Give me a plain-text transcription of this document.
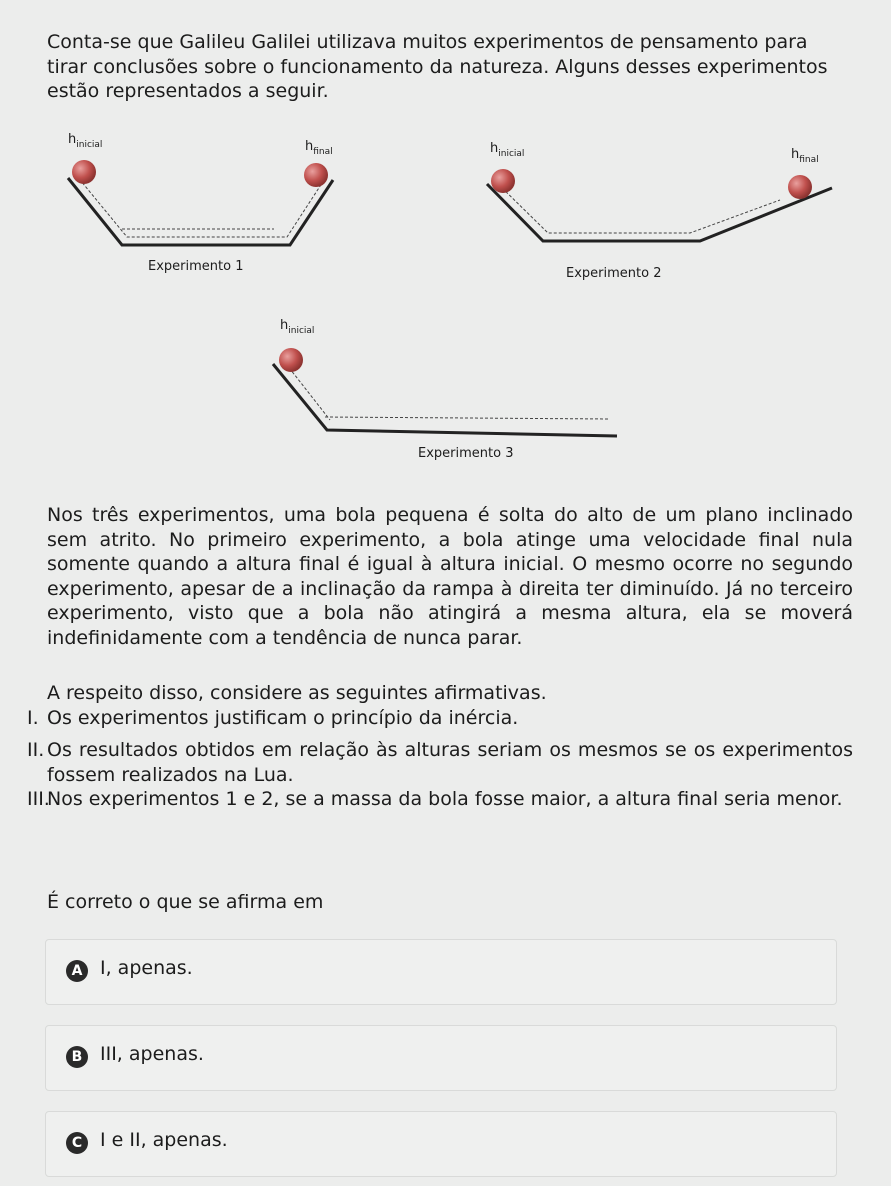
Conta-se que Galileu Galilei utilizava muitos experimentos de pensamento para tirar conclusões sobre o funcionamento da natureza. Alguns desses experimentos estão representados a seguir.
$h_{inicial}$	$h_{final}$
Experimento 1
$h_{inicial}$	$h_{final}$
Experimento 2
$h_{inicial}$
Experimento 3
Nos três experimentos, uma bola pequena é solta do alto de um plano inclinado sem atrito. No primeiro experimento, a bola atinge uma velocidade final nula somente quando a altura final é igual à altura inicial. O mesmo ocorre no segundo experimento, apesar de a inclinação da rampa à direita ter diminuído. Já no terceiro experimento, visto que a bola não atingirá a mesma altura, ela se moverá indefinidamente com a tendência de nunca parar.
A respeito disso, considere as seguintes afirmativas.
I. Os experimentos justificam o princípio da inércia.
II. Os resultados obtidos em relação às alturas seriam os mesmos se os experimentos fossem realizados na Lua.
III.
Nos experimentos 1 e 2, se a massa da bola fosse maior, a altura final seria menor.
É correto o que se afirma em
A I, apenas.
B III, apenas.
C I e II, apenas.
